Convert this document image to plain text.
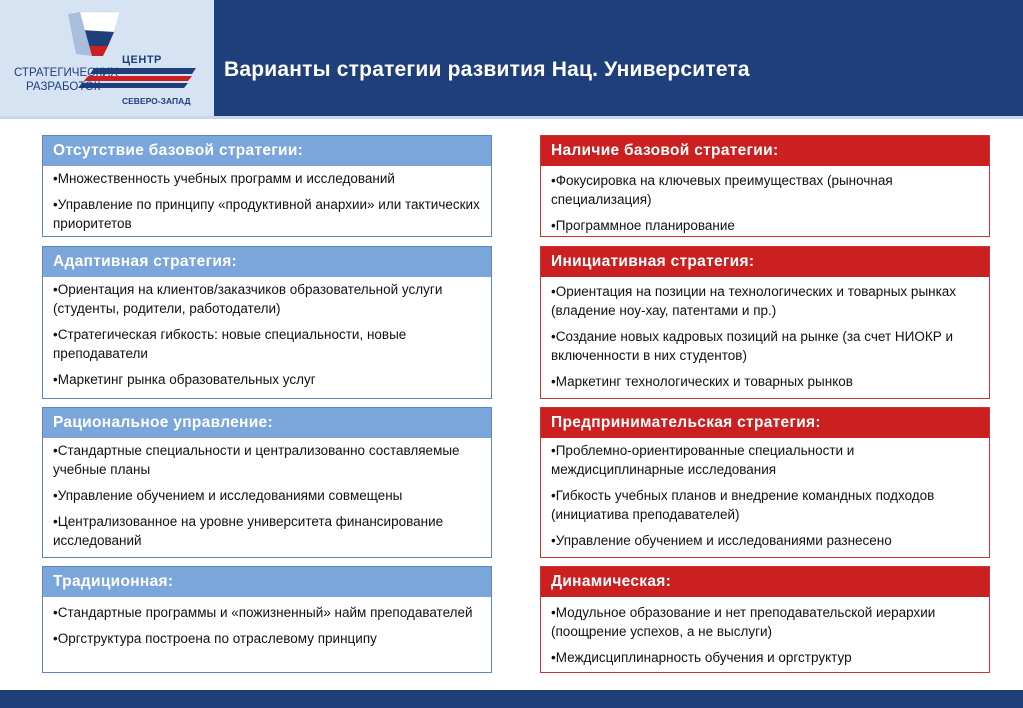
ЦЕНТР
СТРАТЕГИЧЕСКИХ
РАЗРАБОТОК
СЕВЕРО-ЗАПАД
Варианты стратегии развития Нац. Университета
Отсутствие базовой стратегии:
•Множественность учебных программ и исследований
•Управление по принципу «продуктивной анархии» или тактических приоритетов
Адаптивная стратегия:
•Ориентация на клиентов/заказчиков образовательной услуги (студенты, родители, работодатели)
•Стратегическая гибкость: новые специальности, новые преподаватели
•Маркетинг рынка образовательных услуг
Рациональное управление:
•Стандартные специальности и централизованно составляемые учебные планы
•Управление обучением и исследованиями совмещены
•Централизованное на уровне университета финансирование исследований
Традиционная:
•Стандартные программы и «пожизненный» найм преподавателей
•Оргструктура построена по отраслевому принципу
Наличие базовой стратегии:
•Фокусировка на ключевых преимуществах (рыночная специализация)
•Программное планирование
Инициативная стратегия:
•Ориентация на позиции на технологических и товарных рынках (владение ноу-хау, патентами и пр.)
•Создание новых кадровых позиций на рынке (за счет НИОКР и включенности в них студентов)
•Маркетинг технологических и товарных рынков
Предпринимательская стратегия:
•Проблемно-ориентированные специальности и междисциплинарные исследования
•Гибкость учебных планов и внедрение командных подходов (инициатива преподавателей)
•Управление обучением и исследованиями разнесено
Динамическая:
•Модульное образование и нет преподавательской иерархии (поощрение успехов, а не выслуги)
•Междисциплинарность обучения и оргструктур
